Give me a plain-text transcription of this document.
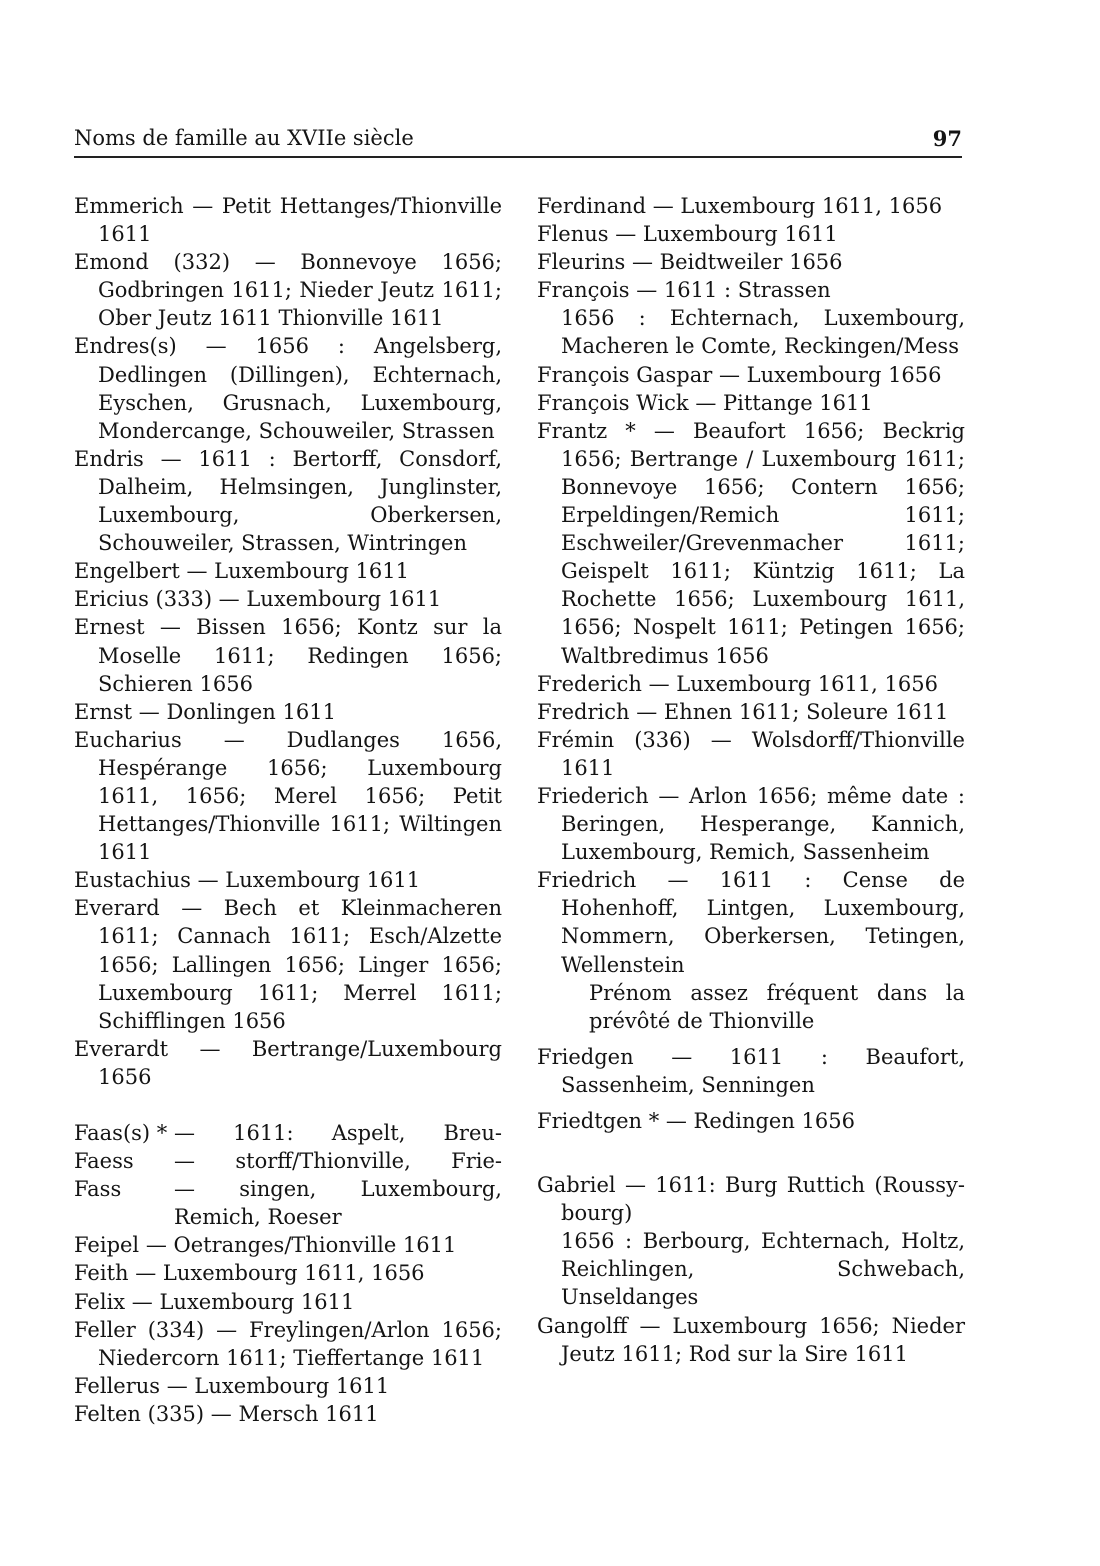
Noms de famille au XVIIe siècle	97
Emmerich — Petit Hettanges/Thionville 1611
Emond (332) — Bonnevoye 1656; Godbringen 1611; Nieder Jeutz 1611; Ober Jeutz 1611 Thionville 1611
Endres(s) — 1656 : Angelsberg, Dedlingen (Dillingen), Echternach, Eyschen, Grusnach, Luxembourg, Mondercange, Schouweiler, Strassen
Endris — 1611 : Bertorff, Consdorf, Dalheim, Helmsingen, Junglinster, Luxembourg, Oberkersen, Schouweiler, Strassen, Wintringen
Engelbert — Luxembourg 1611
Ericius (333) — Luxembourg 1611
Ernest — Bissen 1656; Kontz sur la Moselle 1611; Redingen 1656; Schieren 1656
Ernst — Donlingen 1611
Eucharius — Dudlanges 1656, Hespérange 1656; Luxembourg 1611, 1656; Merel 1656; Petit Hettanges/Thionville 1611; Wiltingen 1611
Eustachius — Luxembourg 1611
Everard — Bech et Kleinmacheren 1611; Cannach 1611; Esch/Alzette 1656; Lallingen 1656; Linger 1656; Luxembourg 1611; Merrel 1611; Schifflingen 1656
Everardt — Bertrange/Luxembourg 1656
Faas(s) *
Faess
Fass
— 1611: Aspelt, Breu-
— storff/Thionville, Frie-
— singen, Luxembourg, Remich, Roeser
Feipel — Oetranges/Thionville 1611
Feith — Luxembourg 1611, 1656
Felix — Luxembourg 1611
Feller (334) — Freylingen/Arlon 1656; Niedercorn 1611; Tieffertange 1611
Fellerus — Luxembourg 1611
Felten (335) — Mersch 1611
Ferdinand — Luxembourg 1611, 1656
Flenus — Luxembourg 1611
Fleurins — Beidtweiler 1656
François — 1611 : Strassen
1656 : Echternach, Luxembourg, Macheren le Comte, Reckingen/Mess
François Gaspar — Luxembourg 1656
François Wick — Pittange 1611
Frantz * — Beaufort 1656; Beckrig 1656; Bertrange / Luxembourg 1611; Bonnevoye 1656; Contern 1656; Erpeldingen/Remich 1611; Eschweiler/Grevenmacher 1611; Geispelt 1611; Küntzig 1611; La Rochette 1656; Luxembourg 1611, 1656; Nospelt 1611; Petingen 1656; Waltbredimus 1656
Frederich — Luxembourg 1611, 1656
Fredrich — Ehnen 1611; Soleure 1611
Frémin (336) — Wolsdorff/Thionville 1611
Friederich — Arlon 1656; même date : Beringen, Hesperange, Kannich, Luxembourg, Remich, Sassenheim
Friedrich — 1611 : Cense de Hohenhoff, Lintgen, Luxembourg, Nommern, Oberkersen, Tetingen, Wellenstein
Prénom assez fréquent dans la prévôté de Thionville
Friedgen — 1611 : Beaufort, Sassenheim, Senningen
Friedtgen * — Redingen 1656
Gabriel — 1611: Burg Ruttich (Roussy-bourg)
1656 : Berbourg, Echternach, Holtz, Reichlingen, Schwebach, Unseldanges
Gangolff — Luxembourg 1656; Nieder Jeutz 1611; Rod sur la Sire 1611
